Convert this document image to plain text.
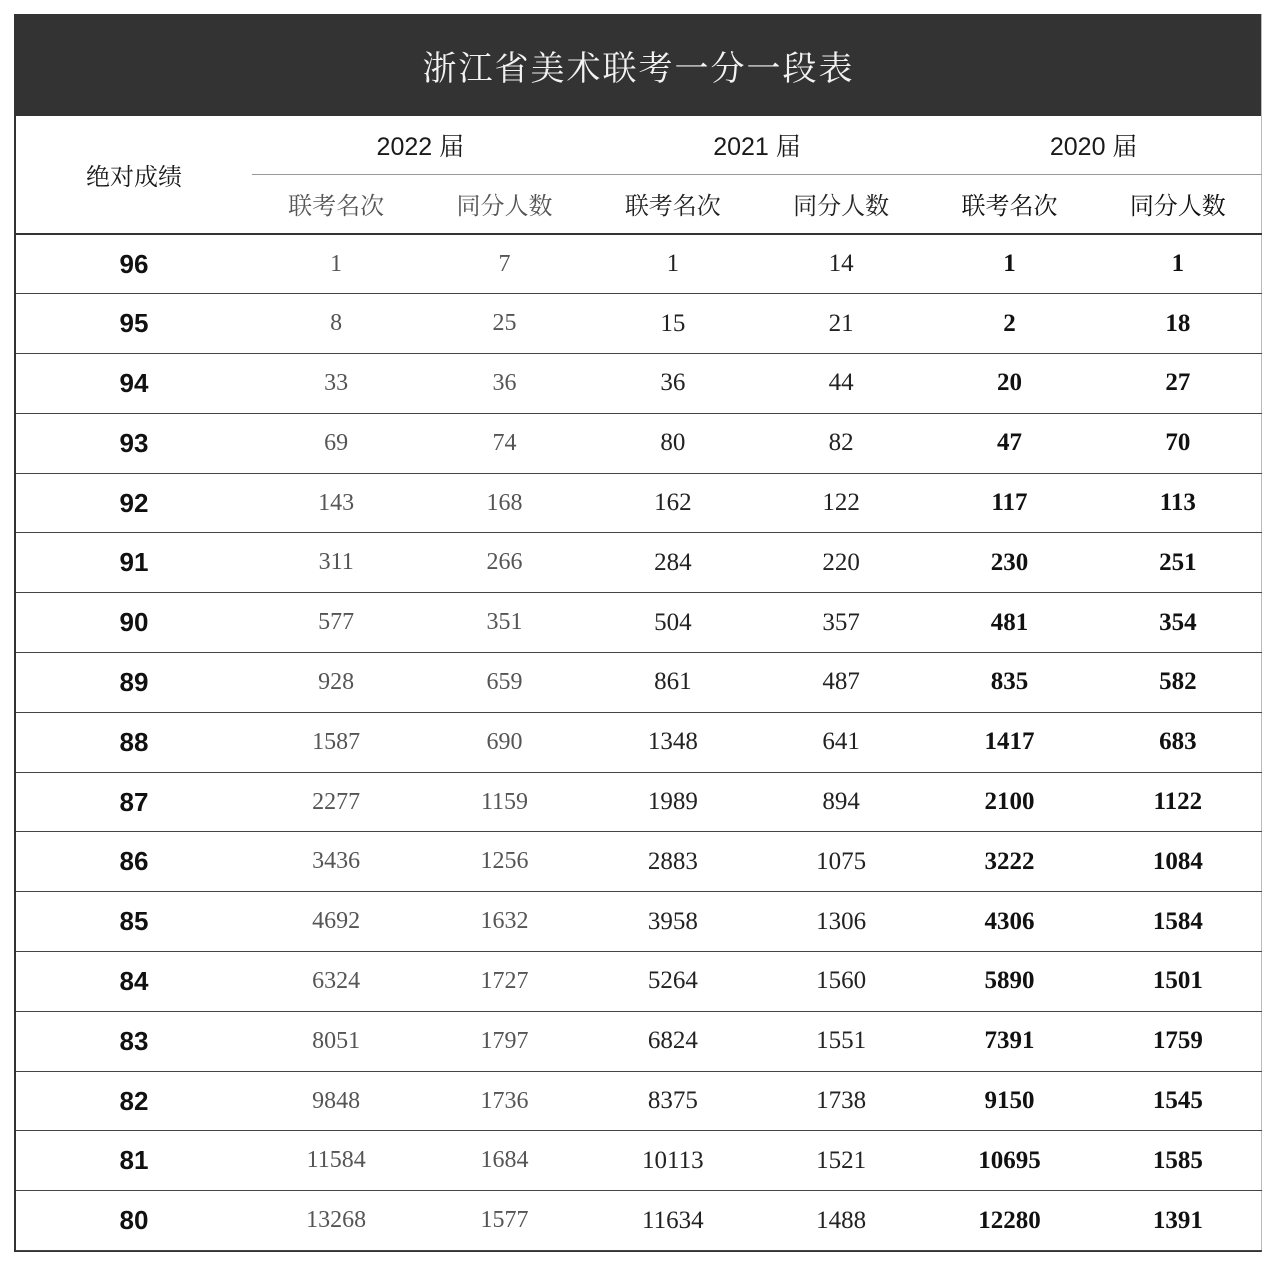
浙江省美术联考一分一段表
绝对成绩	2022 届		2021 届		2020 届	
	联考名次	同分人数	联考名次	同分人数	联考名次	同分人数
96	1	7	1	14	1	1
95	8	25	15	21	2	18
94	33	36	36	44	20	27
93	69	74	80	82	47	70
92	143	168	162	122	117	113
91	311	266	284	220	230	251
90	577	351	504	357	481	354
89	928	659	861	487	835	582
88	1587	690	1348	641	1417	683
87	2277	1159	1989	894	2100	1122
86	3436	1256	2883	1075	3222	1084
85	4692	1632	3958	1306	4306	1584
84	6324	1727	5264	1560	5890	1501
83	8051	1797	6824	1551	7391	1759
82	9848	1736	8375	1738	9150	1545
81	11584	1684	10113	1521	10695	1585
80	13268	1577	11634	1488	12280	1391
